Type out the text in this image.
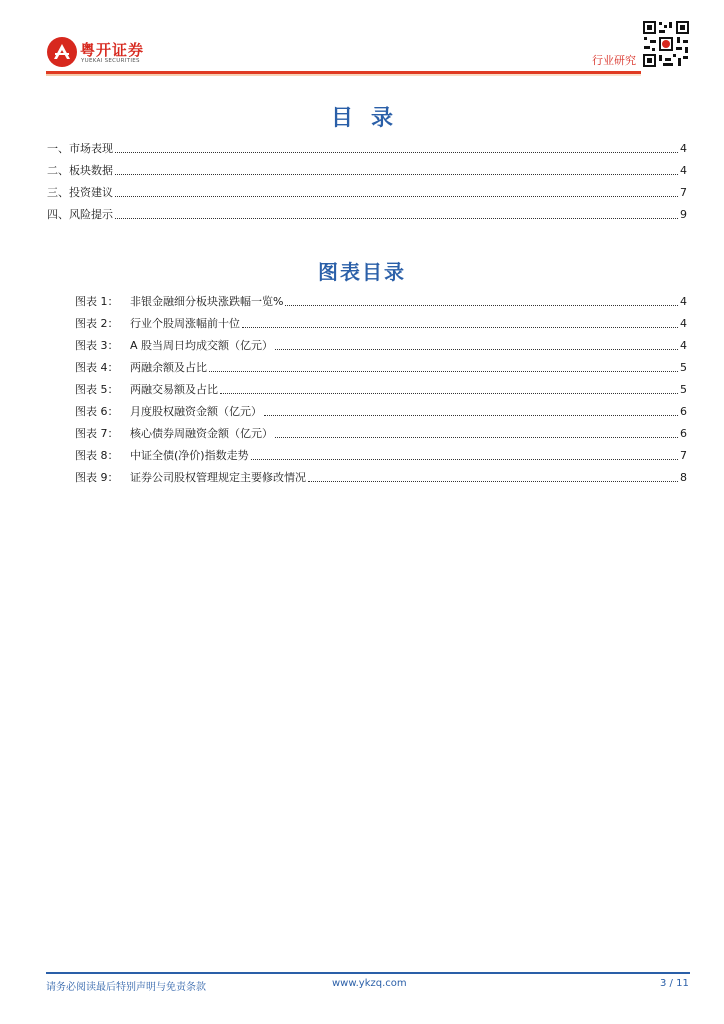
粤开证券
YUEKAI SECURITIES	行业研究
目录
一、市场表现	4
二、板块数据	4
三、投资建议	7
四、风险提示	9
图表目录
图表 1：	非银金融细分板块涨跌幅一览%	4
图表 2：	行业个股周涨幅前十位	4
图表 3：	A 股当周日均成交额（亿元）	4
图表 4：	两融余额及占比	5
图表 5：	两融交易额及占比	5
图表 6：	月度股权融资金额（亿元）	6
图表 7：	核心债券周融资金额（亿元）	6
图表 8：	中证全债(净价)指数走势	7
图表 9：	证券公司股权管理规定主要修改情况	8
请务必阅读最后特别声明与免责条款	www.ykzq.com	3 / 11
